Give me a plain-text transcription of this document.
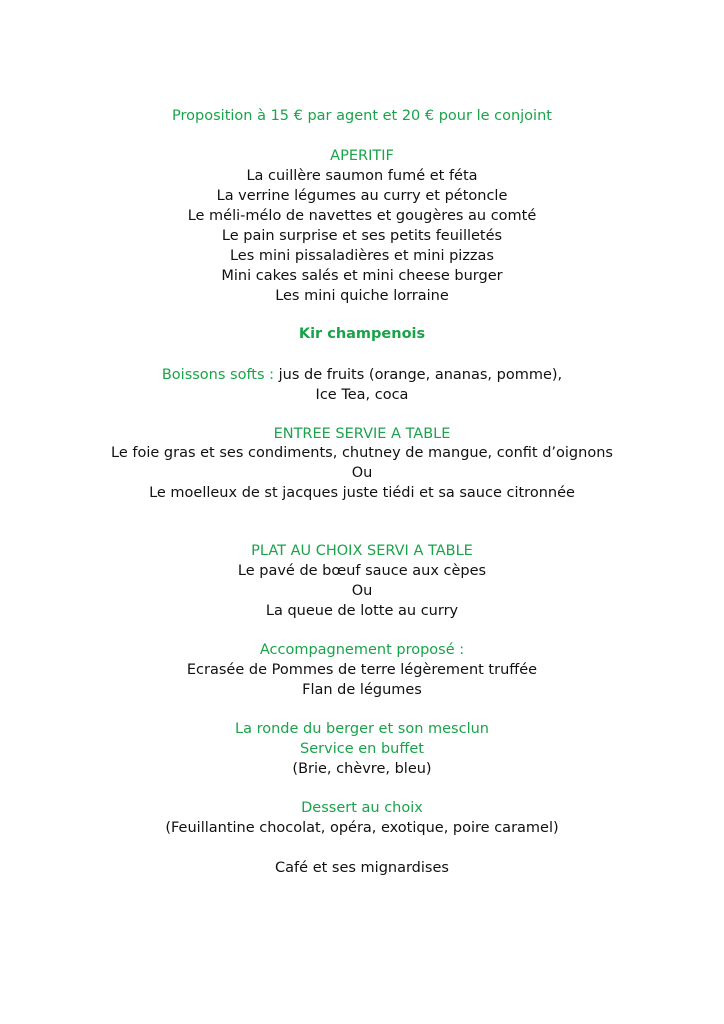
Proposition à 15 € par agent et 20 € pour le conjoint
APERITIF
La cuillère saumon fumé et féta
La verrine légumes au curry et pétoncle
Le méli-mélo de navettes et gougères au comté
Le pain surprise et ses petits feuilletés
Les mini pissaladières et mini pizzas
Mini cakes salés et mini cheese burger
Les mini quiche lorraine
Kir champenois
Boissons softs : jus de fruits (orange, ananas, pomme),
Ice Tea, coca
ENTREE SERVIE A TABLE
Le foie gras et ses condiments, chutney de mangue, confit d’oignons
Ou
Le moelleux de st jacques juste tiédi et sa sauce citronnée
PLAT AU CHOIX SERVI A TABLE
Le pavé de bœuf sauce aux cèpes
Ou
La queue de lotte au curry
Accompagnement proposé :
Ecrasée de Pommes de terre légèrement truffée
Flan de légumes
La ronde du berger et son mesclun
Service en buffet
(Brie, chèvre, bleu)
Dessert au choix
(Feuillantine chocolat, opéra, exotique, poire caramel)
Café et ses mignardises
